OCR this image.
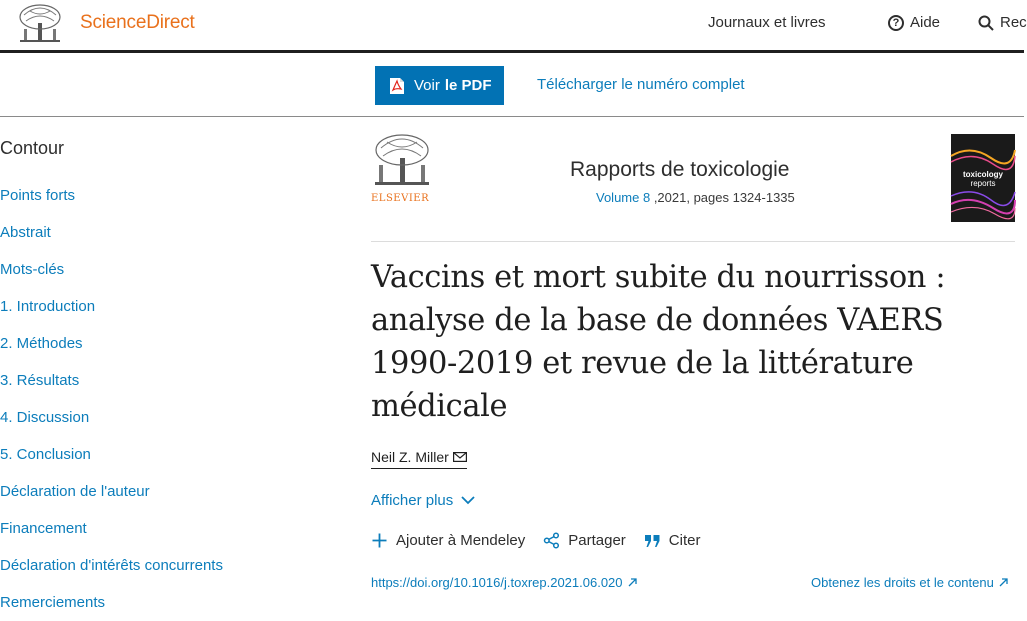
ScienceDirect	Journaux et livres	? Aide	Rec
Voir le PDF	Télécharger le numéro complet
Contour
Points forts
Abstrait
Mots-clés
1. Introduction
2. Méthodes
3. Résultats
4. Discussion
5. Conclusion
Déclaration de l'auteur
Financement
Déclaration d'intérêts concurrents
Remerciements
ELSEVIER
Rapports de toxicologie
Volume 8 ,2021, pages 1324-1335
toxicology
reports
Vaccins et mort subite du nourrisson : analyse de la base de données VAERS 1990-2019 et revue de la littérature médicale
Neil Z. Miller
Afficher plus
Ajouter à Mendeley	Partager	Citer
https://doi.org/10.1016/j.toxrep.2021.06.020	Obtenez les droits et le contenu
